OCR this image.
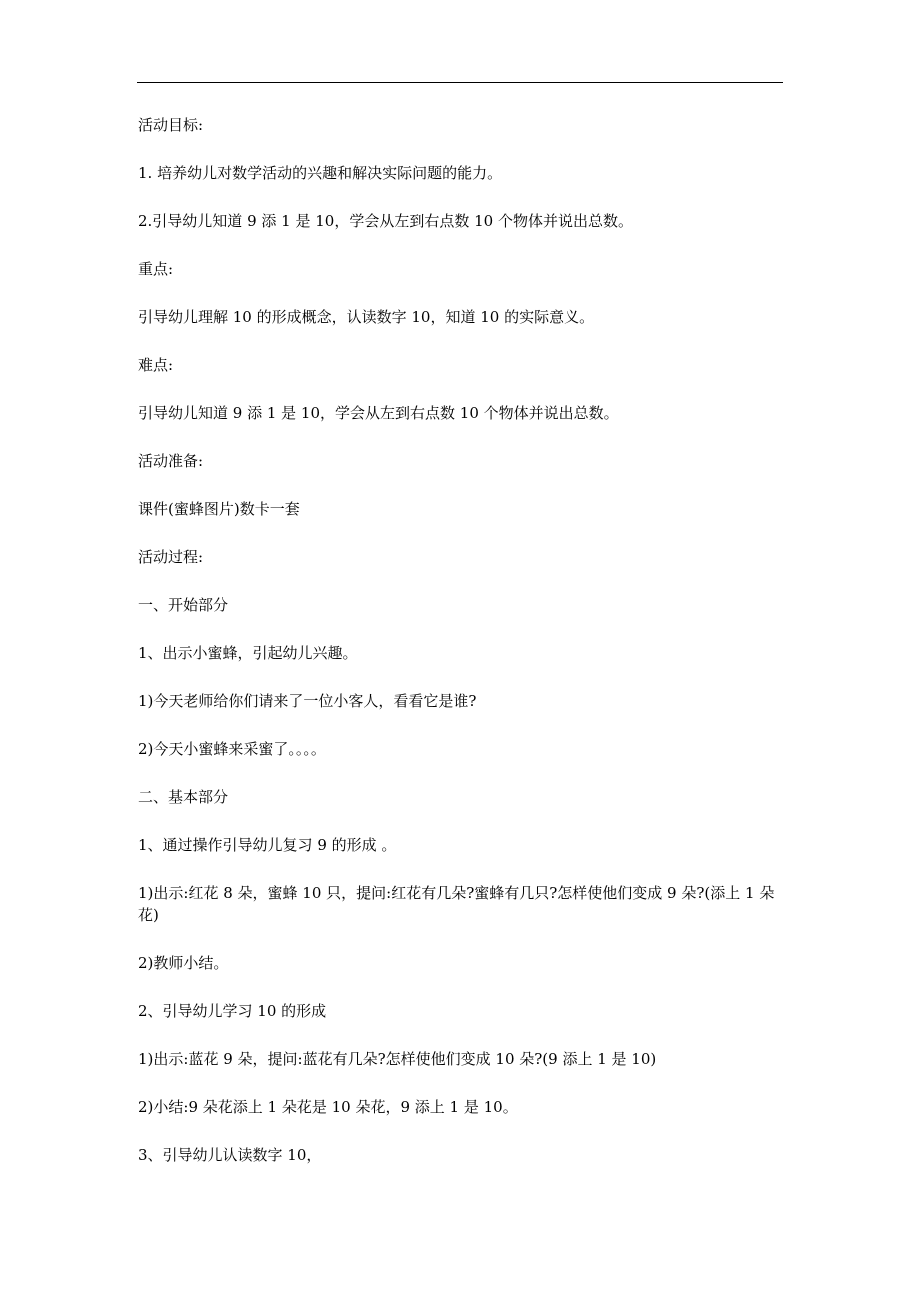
活动目标:

1. 培养幼儿对数学活动的兴趣和解决实际问题的能力。

2.引导幼儿知道 9 添 1 是 10，学会从左到右点数 10 个物体并说出总数。

重点:

引导幼儿理解 10 的形成概念，认读数字 10，知道 10 的实际意义。

难点:

引导幼儿知道 9 添 1 是 10，学会从左到右点数 10 个物体并说出总数。

活动准备:

课件(蜜蜂图片)数卡一套

活动过程:

一、开始部分

1、出示小蜜蜂，引起幼儿兴趣。

1)今天老师给你们请来了一位小客人，看看它是谁?

2)今天小蜜蜂来采蜜了。。。。

二、基本部分

1、通过操作引导幼儿复习 9 的形成 。

1)出示:红花 8 朵，蜜蜂 10 只，提问:红花有几朵?蜜蜂有几只?怎样使他们变成 9 朵?(添上 1 朵花)

2)教师小结。

2、引导幼儿学习 10 的形成

1)出示:蓝花 9 朵，提问:蓝花有几朵?怎样使他们变成 10 朵?(9 添上 1 是 10)

2)小结:9 朵花添上 1 朵花是 10 朵花，9 添上 1 是 10。

3、引导幼儿认读数字 10，
